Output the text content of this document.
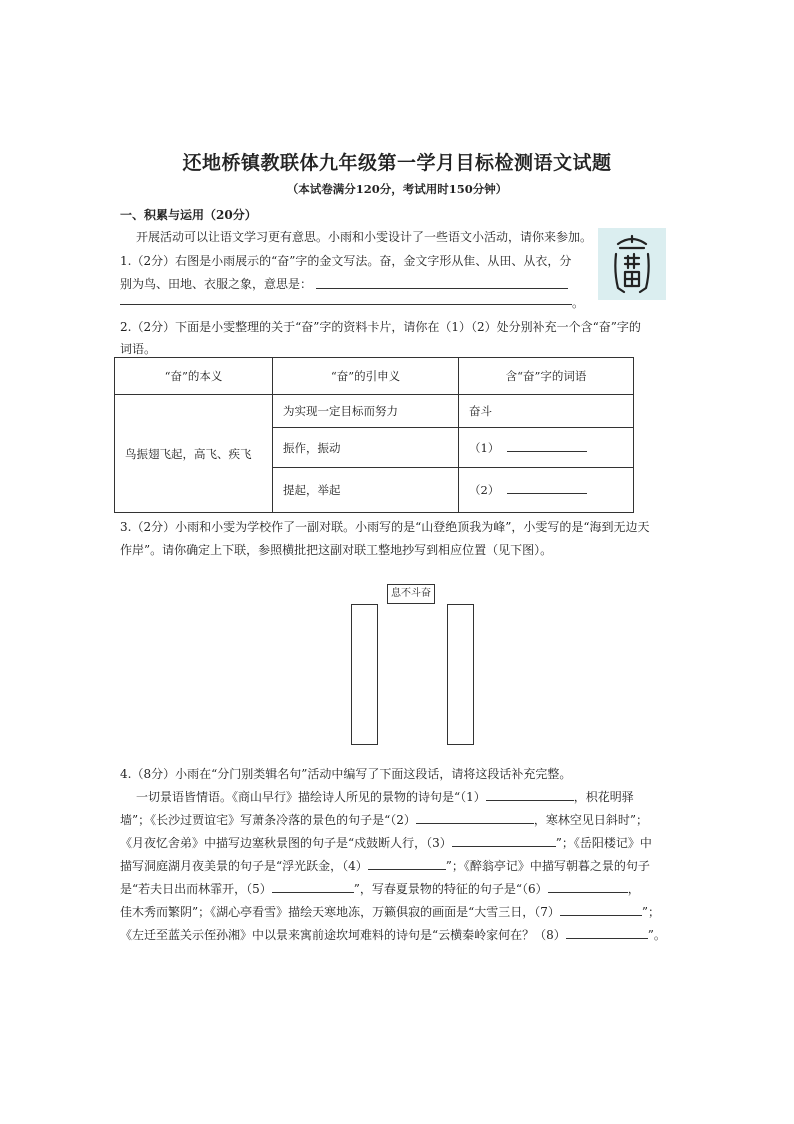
还地桥镇教联体九年级第一学月目标检测语文试题
（本试卷满分120分，考试用时150分钟）
一、积累与运用（20分）
开展活动可以让语文学习更有意思。小雨和小雯设计了一些语文小活动，请你来参加。
1.（2分）右图是小雨展示的“奋”字的金文写法。奋，金文字形从隹、从田、从衣，分
别为鸟、田地、衣服之象，意思是：
。
2.（2分）下面是小雯整理的关于“奋”字的资料卡片，请你在（1）（2）处分别补充一个含“奋”字的
词语。
“奋”的本义	“奋”的引申义	含“奋”字的词语
鸟振翅飞起，高飞、疾飞	为实现一定目标而努力	奋斗
	振作，振动	（1）
	提起，举起	（2）
3.（2分）小雨和小雯为学校作了一副对联。小雨写的是“山登绝顶我为峰”，小雯写的是“海到无边天
作岸”。请你确定上下联，参照横批把这副对联工整地抄写到相应位置（见下图）。
息不斗奋
4.（8分）小雨在“分门别类辑名句”活动中编写了下面这段话，请将这段话补充完整。
一切景语皆情语。《商山早行》描绘诗人所见的景物的诗句是“（1）	，枳花明驿
墙”；《长沙过贾谊宅》写萧条冷落的景色的句子是“（2）	，寒林空见日斜时”；
《月夜忆舍弟》中描写边塞秋景图的句子是“戍鼓断人行，（3）	”；《岳阳楼记》中
描写洞庭湖月夜美景的句子是“浮光跃金，（4）	”；《醉翁亭记》中描写朝暮之景的句子
是“若夫日出而林霏开，（5）	”，写春夏景物的特征的句子是“（6）	，
佳木秀而繁阴”；《湖心亭看雪》描绘天寒地冻，万籁俱寂的画面是“大雪三日，（7）	”；
《左迁至蓝关示侄孙湘》中以景来寓前途坎坷难料的诗句是“云横秦岭家何在？（8）	”。
